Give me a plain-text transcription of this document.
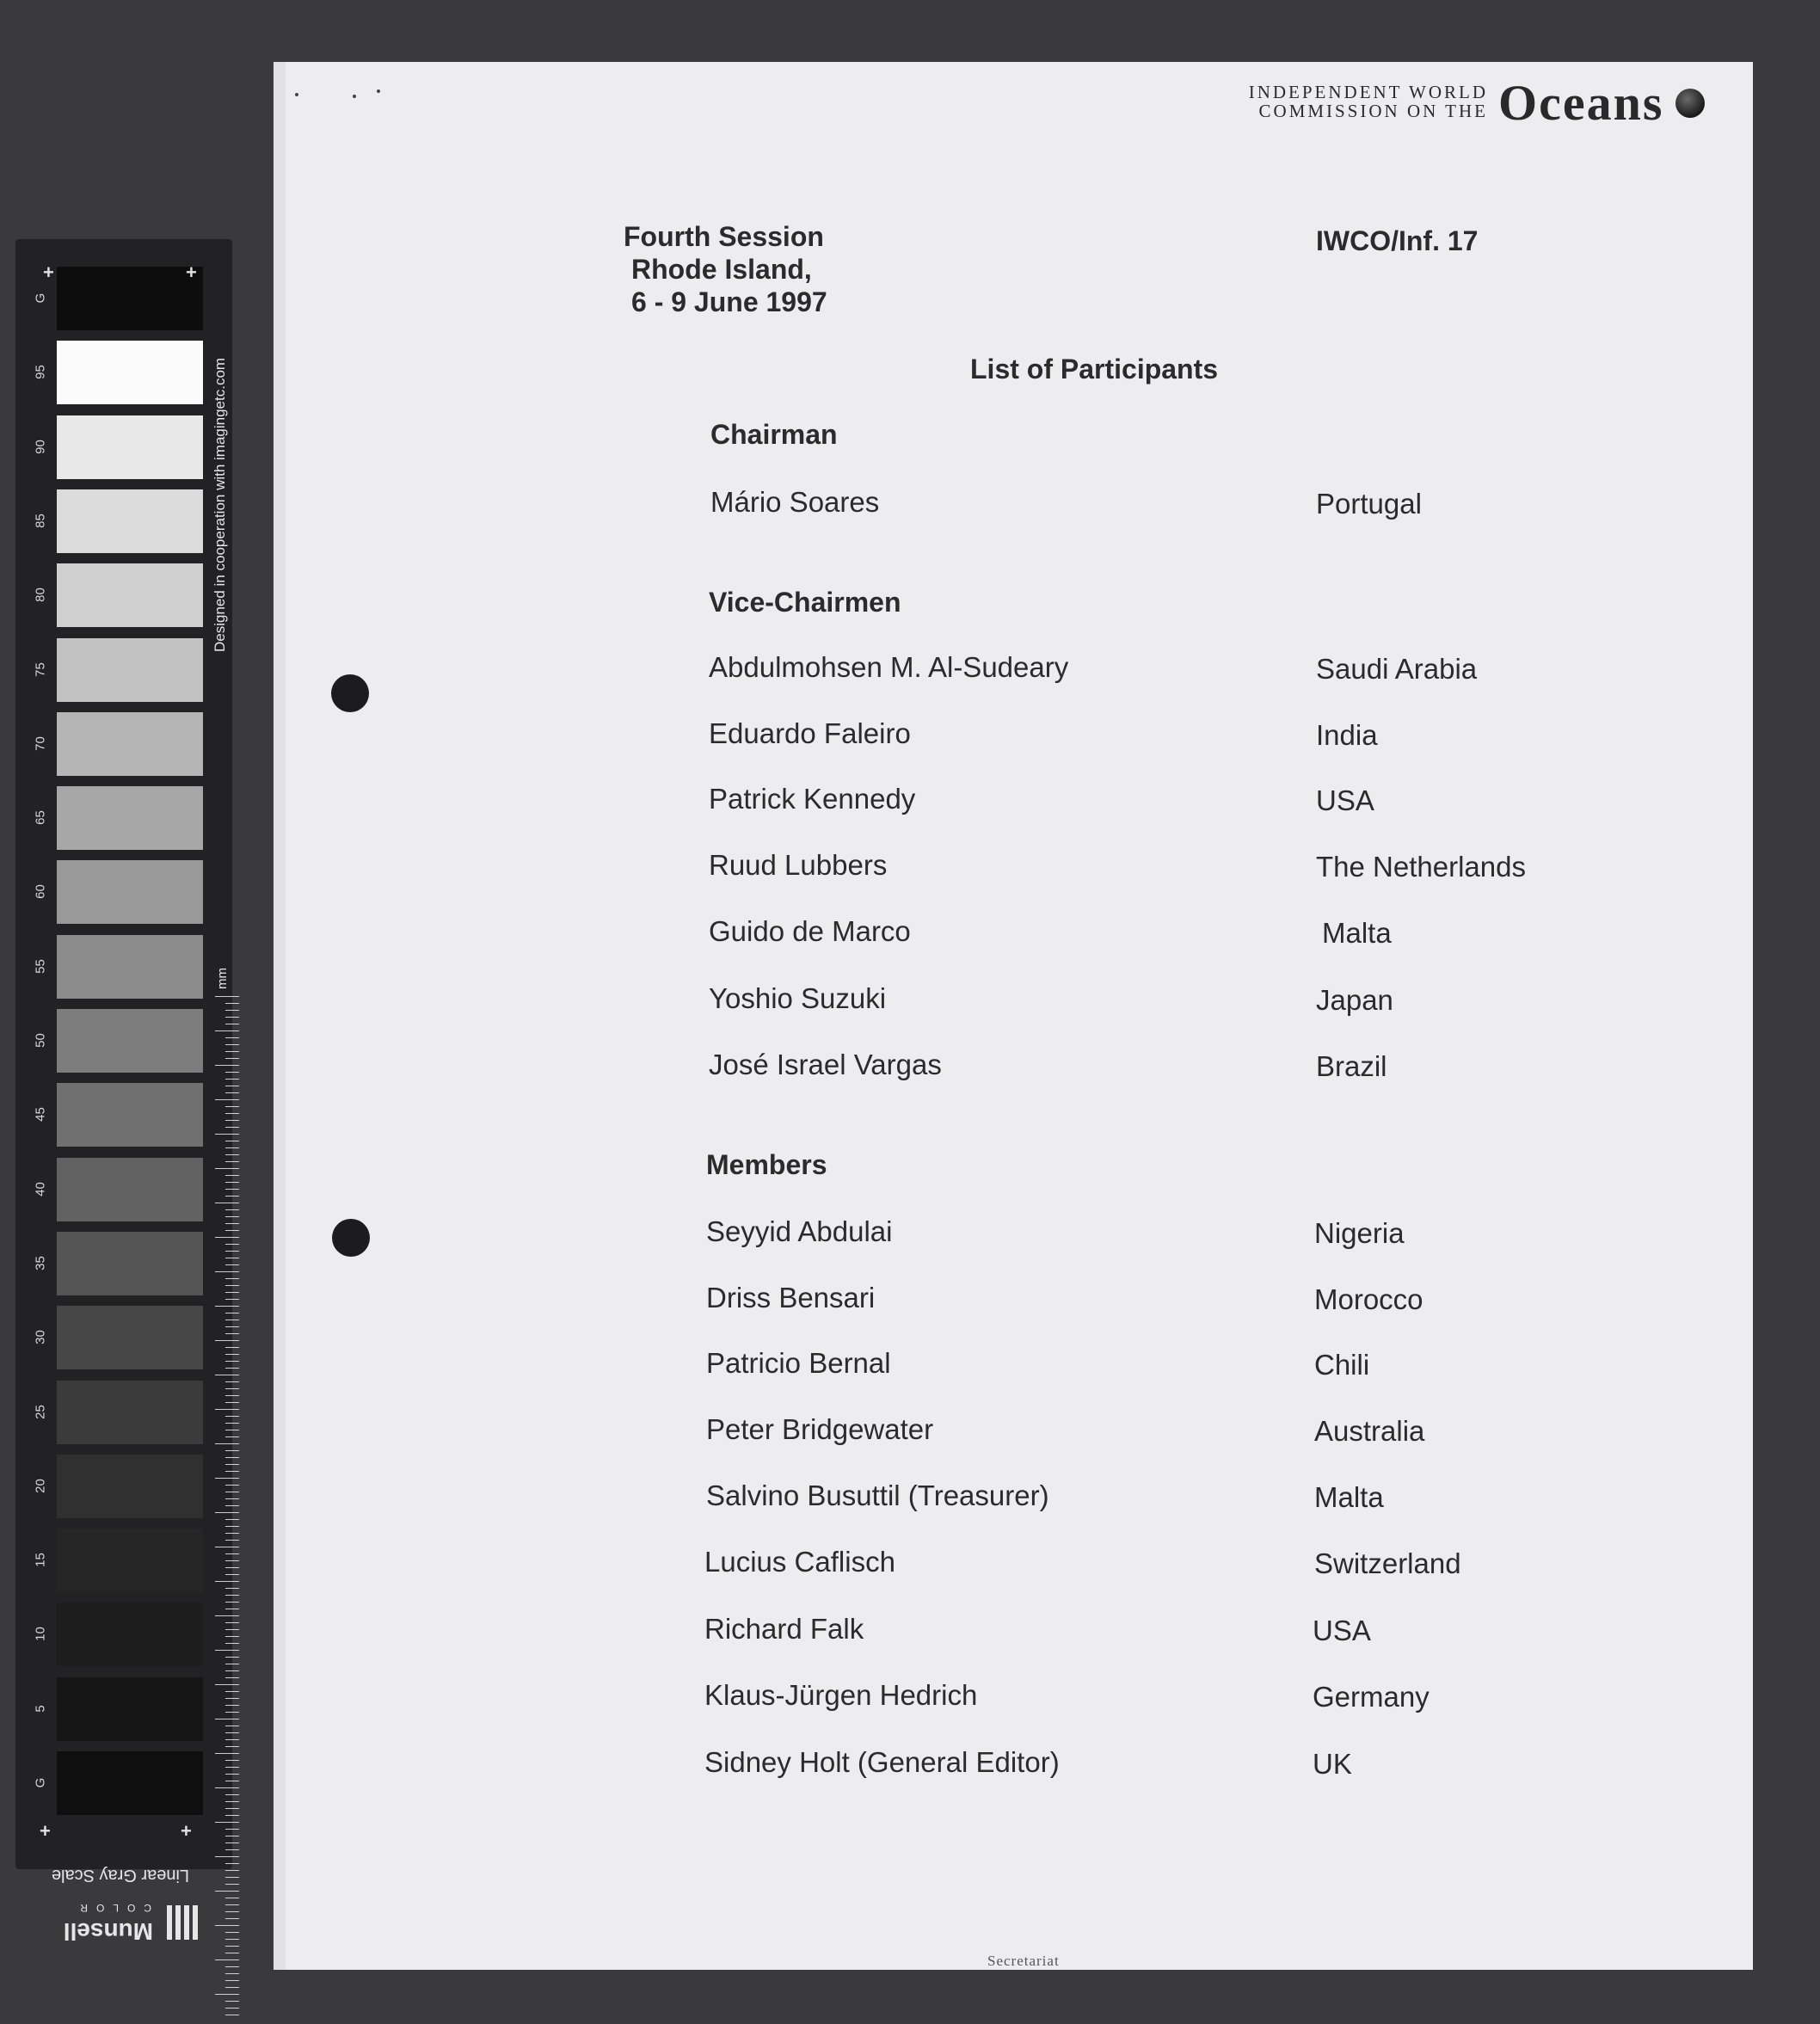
G
95
90
85
80
75
70
65
60
55
50
45
40
35
30
25
20
15
10
5
G
+	+
+	+
Designed in cooperation with imagingetc.com
mm
Linear Gray Scale
Munsell
COLOR
INDEPENDENT WORLD
COMMISSION ON THE Oceans
Fourth Session
Rhode Island,
6 - 9 June 1997
IWCO/Inf. 17
List of Participants
Chairman
Vice-Chairmen
Members
Mário Soares	Portugal
Abdulmohsen M. Al-Sudeary	Saudi Arabia
Eduardo Faleiro	India
Patrick Kennedy	USA
Ruud Lubbers	The Netherlands
Guido de Marco	Malta
Yoshio Suzuki	Japan
José Israel Vargas	Brazil
Seyyid Abdulai	Nigeria
Driss Bensari	Morocco
Patricio Bernal	Chili
Peter Bridgewater	Australia
Salvino Busuttil (Treasurer)	Malta
Lucius Caflisch	Switzerland
Richard Falk	USA
Klaus-Jürgen Hedrich	Germany
Sidney Holt (General Editor)	UK
Secretariat
